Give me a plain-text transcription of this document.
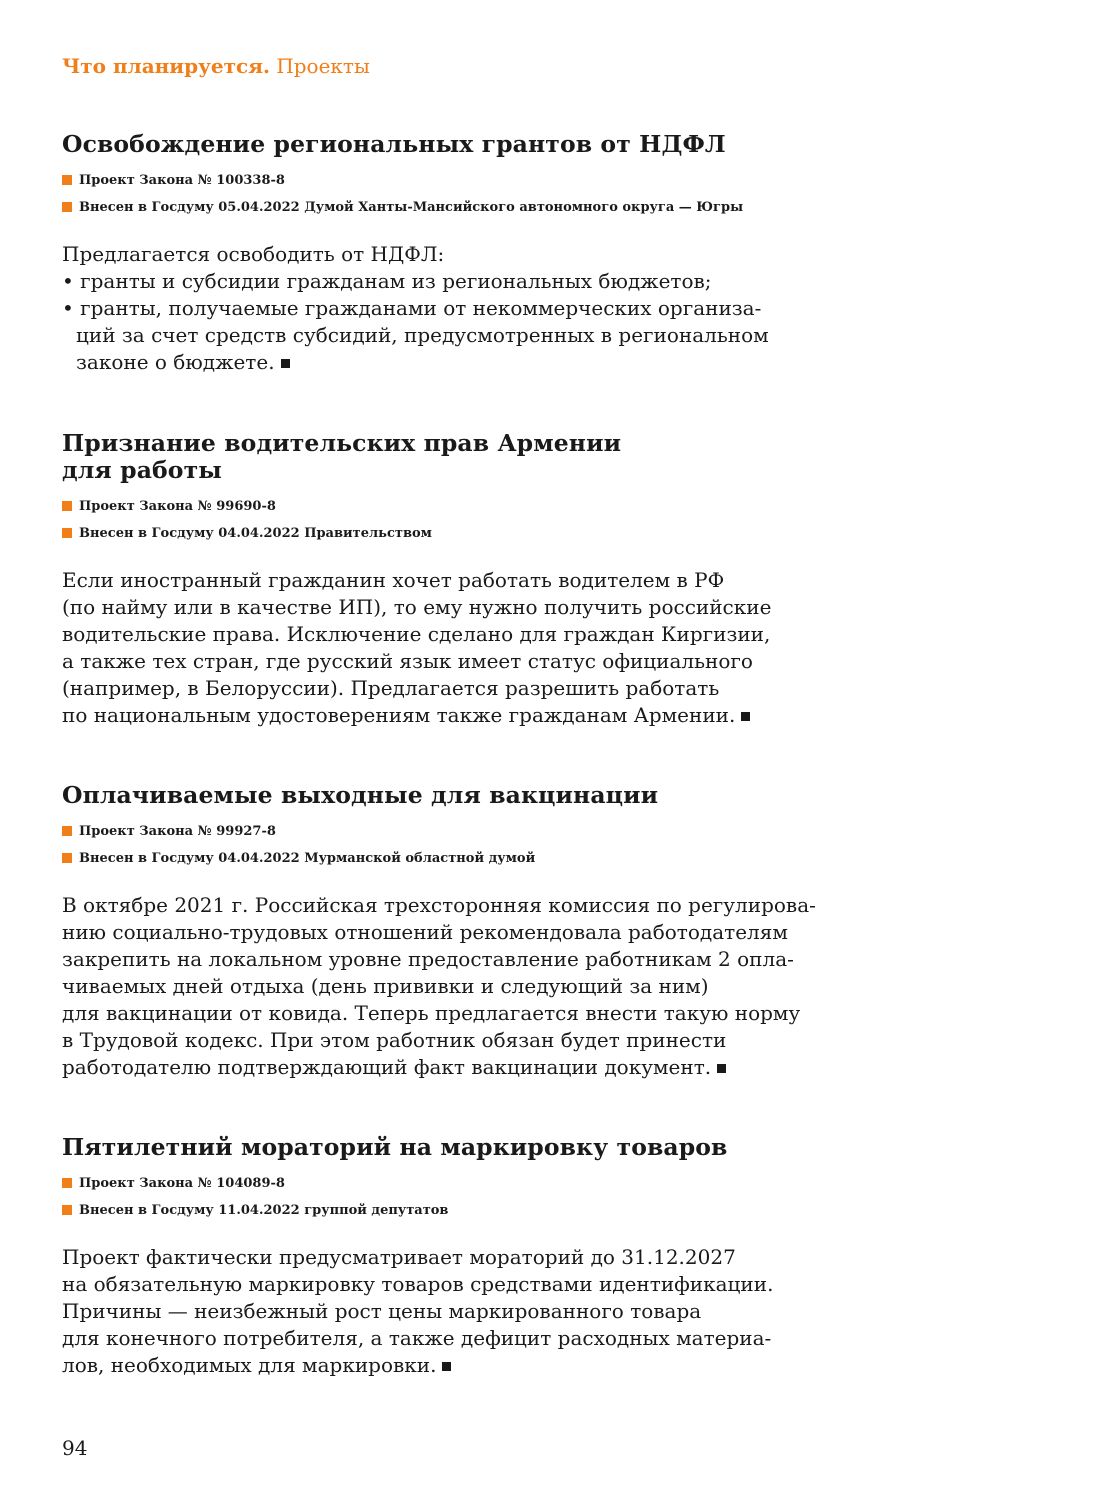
Что планируется. Проекты
Освобождение региональных грантов от НДФЛ
Проект Закона № 100338-8
Внесен в Госдуму 05.04.2022 Думой Ханты-Мансийского автономного округа — Югры
Предлагается освободить от НДФЛ:
• гранты и субсидии гражданам из региональных бюджетов;
• гранты, получаемые гражданами от некоммерческих организа-
ций за счет средств субсидий, предусмотренных в региональном
законе о бюджете.
Признание водительских прав Армении
для работы
Проект Закона № 99690-8
Внесен в Госдуму 04.04.2022 Правительством
Если иностранный гражданин хочет работать водителем в РФ
(по найму или в качестве ИП), то ему нужно получить российские
водительские права. Исключение сделано для граждан Киргизии,
а также тех стран, где русский язык имеет статус официального
(например, в Белоруссии). Предлагается разрешить работать
по национальным удостоверениям также гражданам Армении.
Оплачиваемые выходные для вакцинации
Проект Закона № 99927-8
Внесен в Госдуму 04.04.2022 Мурманской областной думой
В октябре 2021 г. Российская трехсторонняя комиссия по регулирова-
нию социально-трудовых отношений рекомендовала работодателям
закрепить на локальном уровне предоставление работникам 2 опла-
чиваемых дней отдыха (день прививки и следующий за ним)
для вакцинации от ковида. Теперь предлагается внести такую норму
в Трудовой кодекс. При этом работник обязан будет принести
работодателю подтверждающий факт вакцинации документ.
Пятилетний мораторий на маркировку товаров
Проект Закона № 104089-8
Внесен в Госдуму 11.04.2022 группой депутатов
Проект фактически предусматривает мораторий до 31.12.2027
на обязательную маркировку товаров средствами идентификации.
Причины — неизбежный рост цены маркированного товара
для конечного потребителя, а также дефицит расходных материа-
лов, необходимых для маркировки.
94
